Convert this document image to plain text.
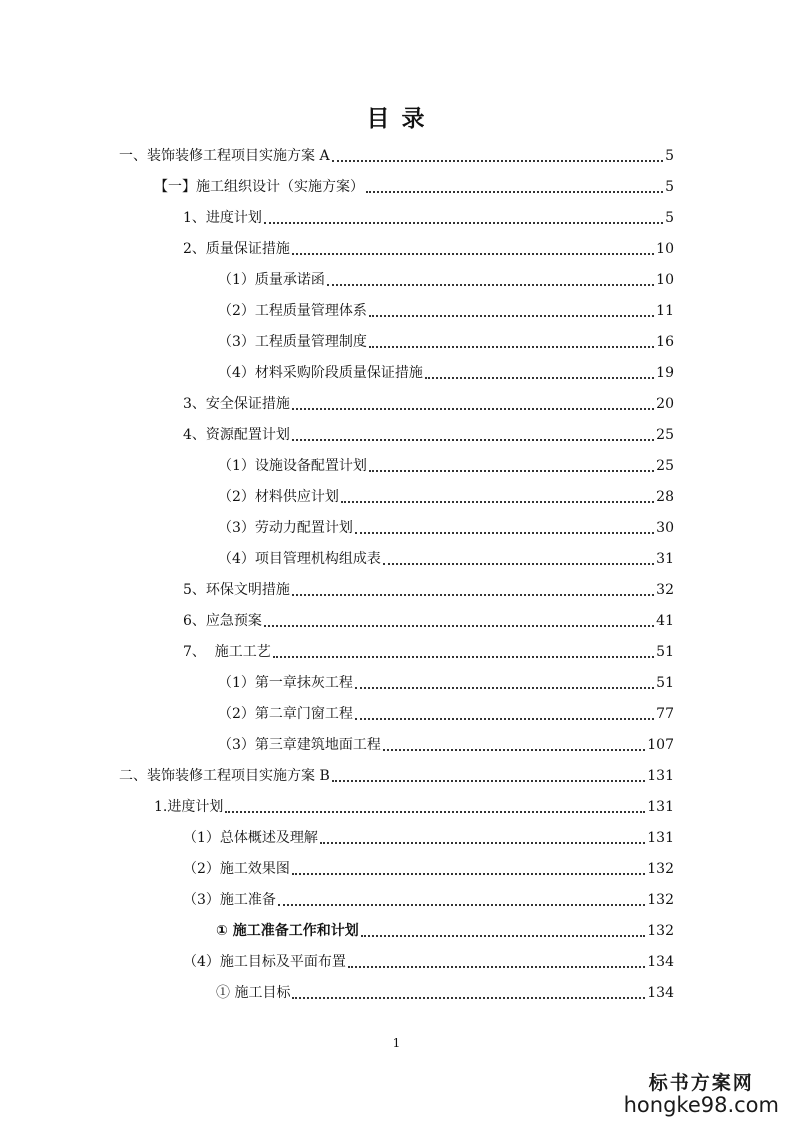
目 录
一、装饰装修工程项目实施方案 A	5
【一】施工组织设计（实施方案）	5
1、进度计划	5
2、质量保证措施	10
（1）质量承诺函	10
（2）工程质量管理体系	11
（3）工程质量管理制度	16
（4）材料采购阶段质量保证措施	19
3、安全保证措施	20
4、资源配置计划	25
（1）设施设备配置计划	25
（2）材料供应计划	28
（3）劳动力配置计划	30
（4）项目管理机构组成表	31
5、环保文明措施	32
6、应急预案	41
7、  施工工艺	51
（1）第一章抹灰工程	51
（2）第二章门窗工程	77
（3）第三章建筑地面工程	107
二、装饰装修工程项目实施方案 B	131
1.进度计划	131
（1）总体概述及理解	131
（2）施工效果图	132
（3）施工准备	132
① 施工准备工作和计划	132
（4）施工目标及平面布置	134
① 施工目标	134
1
标书方案网
hongke98.com
